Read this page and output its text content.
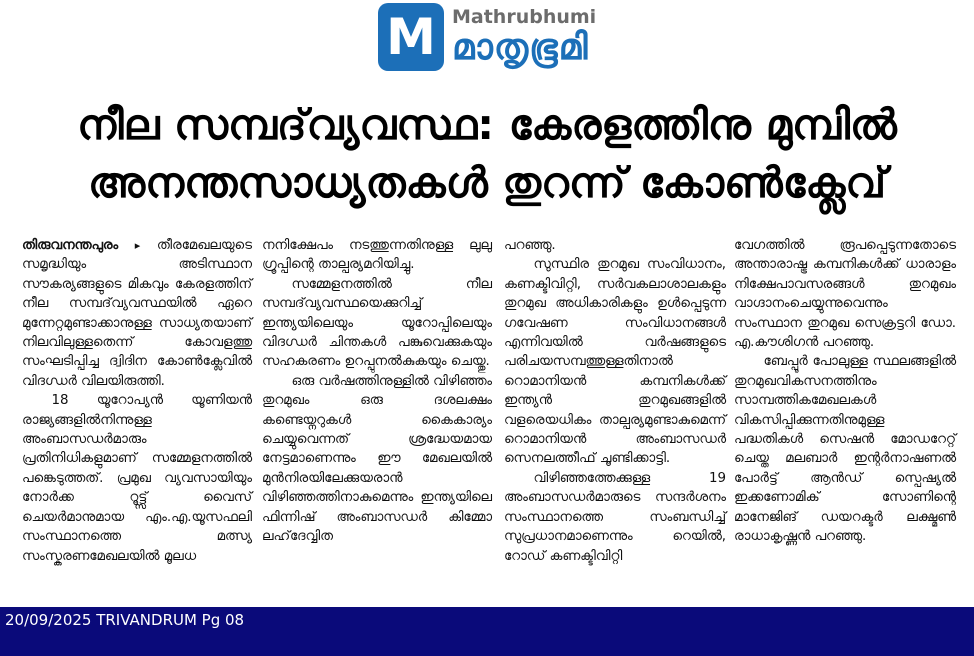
M Mathrubhumi
മാതൃഭൂമി
നീല സമ്പദ്‌വ്യവസ്ഥ: കേരളത്തിനു മുമ്പിൽ
അനന്തസാധ്യതകൾ തുറന്ന് കോൺക്ലേവ്

തിരുവനന്തപുരം ▸ തീരമേഖലയുടെ സമൃദ്ധിയും അടിസ്ഥാന സൗകര്യങ്ങളുടെ മികവും കേരളത്തിന് നീല സമ്പദ്‌വ്യവസ്ഥയിൽ ഏറെ മുന്നേറ്റമുണ്ടാക്കാനുള്ള സാധ്യതയാണ് നിലവിലുള്ളതെന്ന് കോവളത്തു സംഘടിപ്പിച്ച ദ്വിദിന കോൺക്ലേവിൽ വിദഗ്ധർ വിലയിരുത്തി.

18 യൂറോപ്യൻ യൂണിയൻ രാജ്യങ്ങളിൽനിന്നുള്ള അംബാസഡർമാരും പ്രതിനിധികളുമാണ് സമ്മേളനത്തിൽ പങ്കെടുത്തത്. പ്രമുഖ വ്യവസായിയും നോർക്ക റൂട്ട്സ് വൈസ് ചെയർമാനുമായ എം.എ.യൂസഫലി സംസ്ഥാനത്തെ മത്സ്യ സംസ്കരണമേഖലയിൽ മൂലധ

നനിക്ഷേപം നടത്തുന്നതിനുള്ള ലുലു ഗ്രൂപ്പിന്റെ താല്പര്യമറിയിച്ചു.

സമ്മേളനത്തിൽ നീല സമ്പദ്‌വ്യവസ്ഥയെക്കുറിച്ച് ഇന്ത്യയിലെയും യൂറോപ്പിലെയും വിദഗ്ധർ ചിന്തകൾ പങ്കുവെക്കുകയും സഹകരണം ഉറപ്പുനൽകുകയും ചെയ്തു.

ഒരു വർഷത്തിനുള്ളിൽ വിഴിഞ്ഞം തുറമുഖം ഒരു ദശലക്ഷം കണ്ടെയ്നറുകൾ കൈകാര്യം ചെയ്യുവെന്നത് ശ്രദ്ധേയമായ നേട്ടമാണെന്നും ഈ മേഖലയിൽ മുൻനിരയിലേക്കുയരാൻ വിഴിഞ്ഞത്തിനാകുമെന്നും ഇന്ത്യയിലെ ഫിന്നിഷ് അംബാസഡർ കിമ്മോ ലഹ്‌ദേവ്വിത

പറഞ്ഞു.

സുസ്ഥിര തുറമുഖ സംവിധാനം, കണക്ടിവിറ്റി, സർവകലാശാലകളും തുറമുഖ അധികാരികളും ഉൾപ്പെടുന്ന ഗവേഷണ സംവിധാനങ്ങൾ എന്നിവയിൽ വർഷങ്ങളുടെ പരിചയസമ്പത്തുള്ളതിനാൽ റൊമാനിയൻ കമ്പനികൾക്ക് ഇന്ത്യൻ തുറമുഖങ്ങളിൽ വളരെയധികം താല്പര്യമുണ്ടാകുമെന്ന് റൊമാനിയൻ അംബാസഡർ സെനലത്തീഫ് ചൂണ്ടിക്കാട്ടി.

വിഴിഞ്ഞത്തേക്കുള്ള 19 അംബാസഡർമാരുടെ സന്ദർശനം സംസ്ഥാനത്തെ സംബന്ധിച്ച് സുപ്രധാനമാണെന്നും റെയിൽ, റോഡ് കണക്ടിവിറ്റി

വേഗത്തിൽ രൂപപ്പെടുന്നതോടെ അന്താരാഷ്ട്ര കമ്പനികൾക്ക് ധാരാളം നിക്ഷേപാവസരങ്ങൾ തുറമുഖം വാഗ്ദാനംചെയ്യുന്നുവെന്നും സംസ്ഥാന തുറമുഖ സെക്രട്ടറി ഡോ. എ.കൗശിഗൻ പറഞ്ഞു.

ബേപ്പൂർ പോലുള്ള സ്ഥലങ്ങളിൽ തുറമുഖവികസനത്തിനും സാമ്പത്തികമേഖലകൾ വികസിപ്പിക്കുന്നതിനുമുള്ള പദ്ധതികൾ സെഷൻ മോഡറേറ്റ് ചെയ്ത മലബാർ ഇന്റർനാഷണൽ പോർട്ട് ആൻഡ് സ്പെഷ്യൽ ഇക്കണോമിക് സോണിന്റെ മാനേജിങ് ഡയറക്ടർ ലക്ഷ്മൺ രാധാകൃഷ്ണൻ പറഞ്ഞു.

20/09/2025 TRIVANDRUM Pg 08
